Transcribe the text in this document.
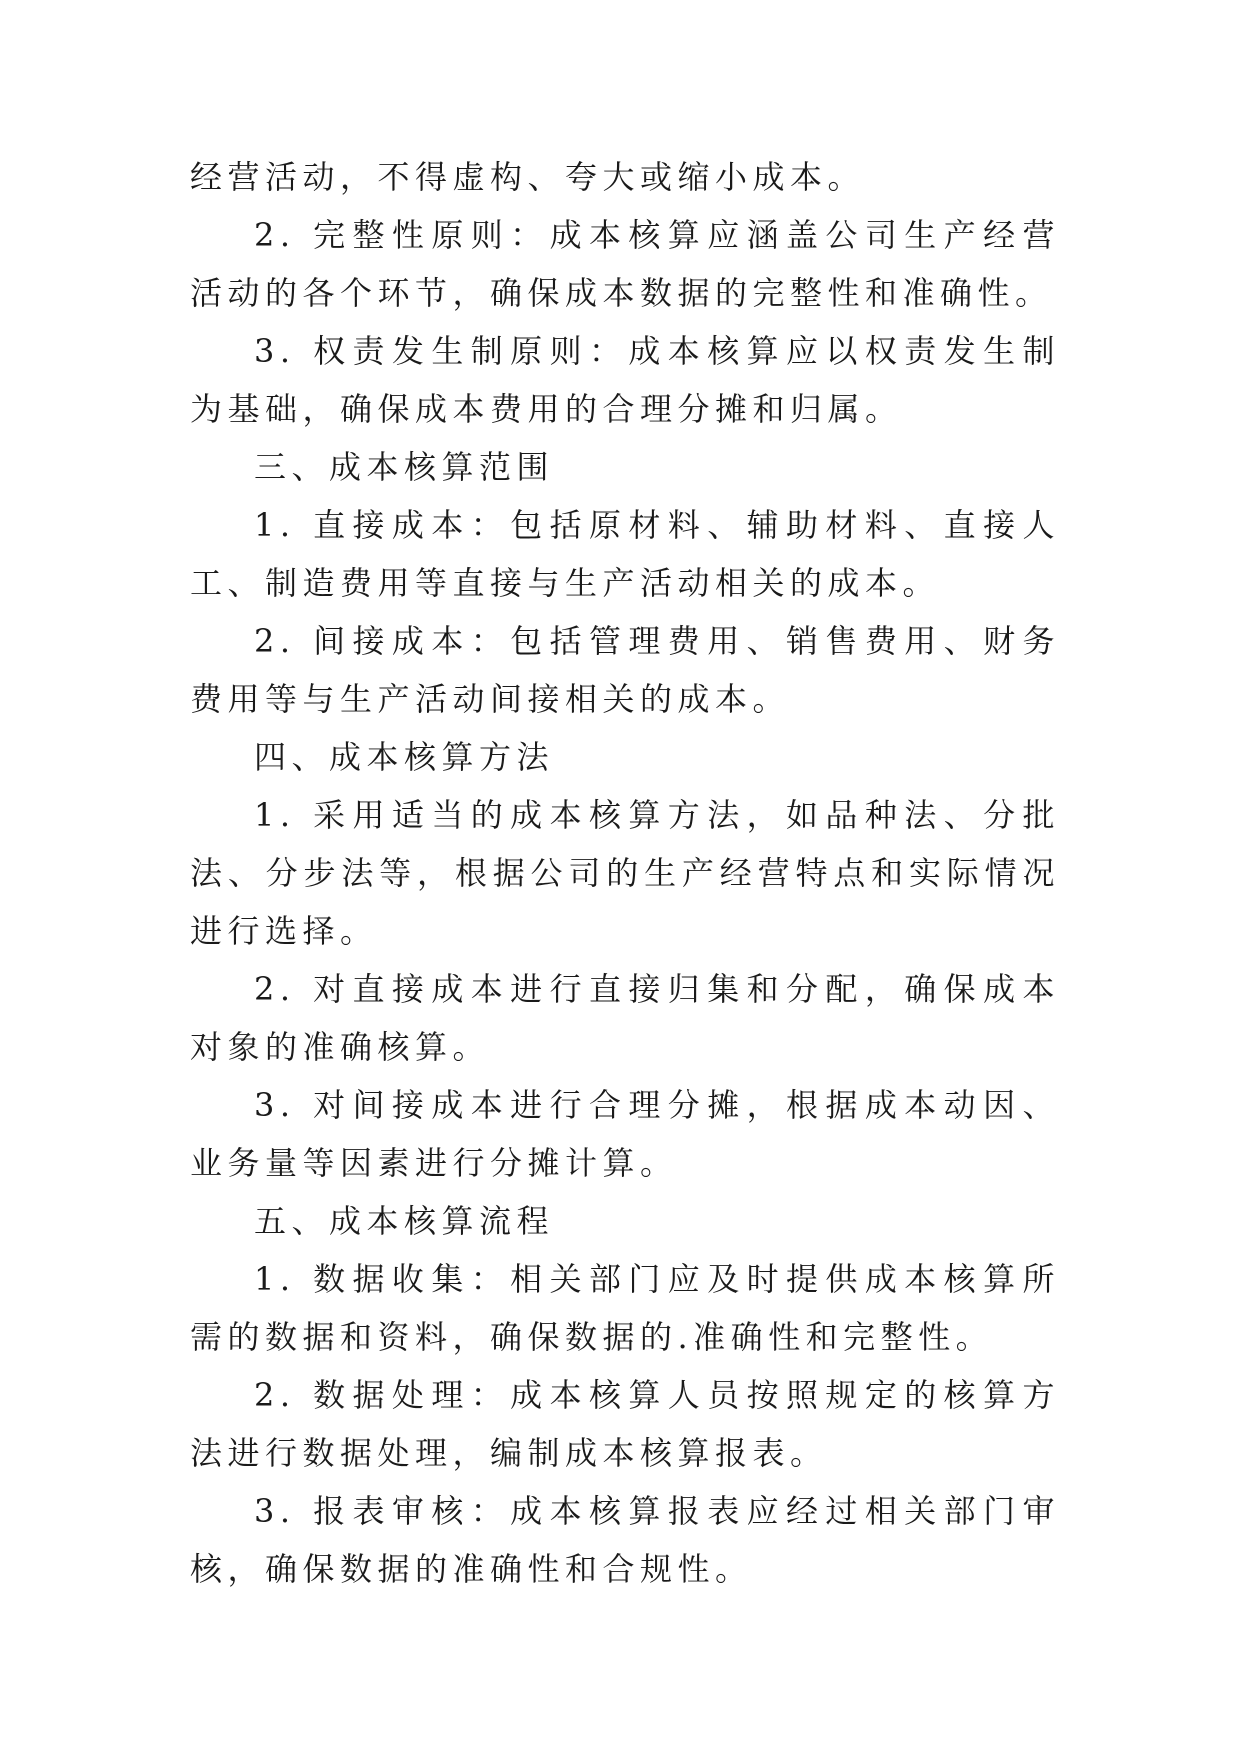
经营活动，不得虚构、夸大或缩小成本。

2. 完整性原则：成本核算应涵盖公司生产经营活动的各个环节，确保成本数据的完整性和准确性。

3. 权责发生制原则：成本核算应以权责发生制为基础，确保成本费用的合理分摊和归属。

三、成本核算范围

1. 直接成本：包括原材料、辅助材料、直接人工、制造费用等直接与生产活动相关的成本。

2. 间接成本：包括管理费用、销售费用、财务费用等与生产活动间接相关的成本。

四、成本核算方法

1. 采用适当的成本核算方法，如品种法、分批法、分步法等，根据公司的生产经营特点和实际情况进行选择。

2. 对直接成本进行直接归集和分配，确保成本对象的准确核算。

3. 对间接成本进行合理分摊，根据成本动因、业务量等因素进行分摊计算。

五、成本核算流程

1. 数据收集：相关部门应及时提供成本核算所需的数据和资料，确保数据的.准确性和完整性。

2. 数据处理：成本核算人员按照规定的核算方法进行数据处理，编制成本核算报表。

3. 报表审核：成本核算报表应经过相关部门审核，确保数据的准确性和合规性。
